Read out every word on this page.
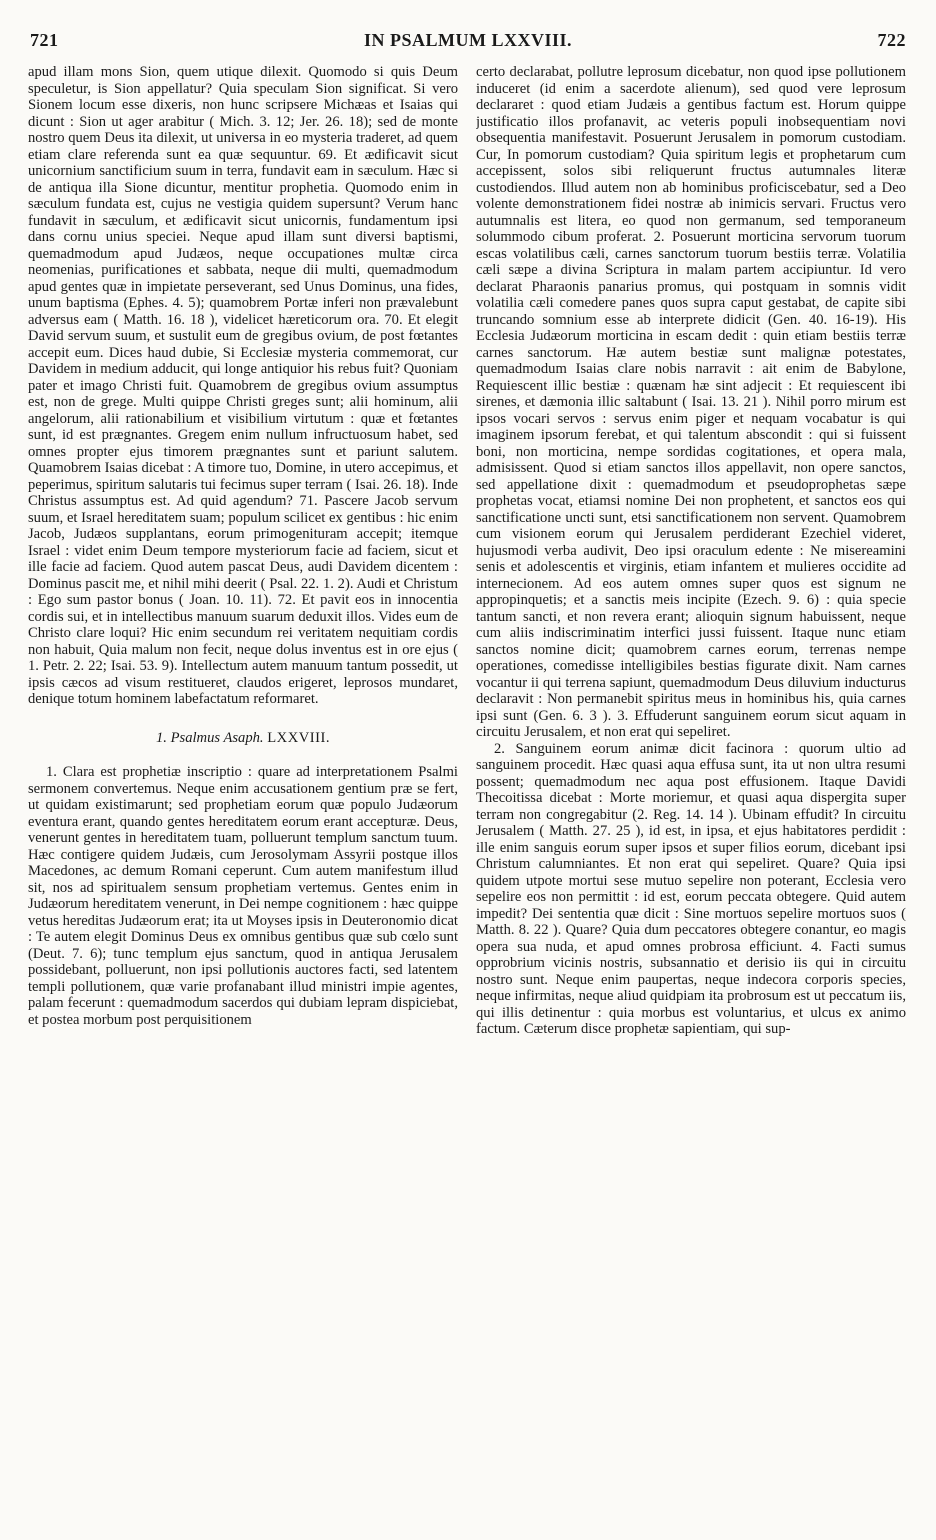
721	IN PSALMUM LXXVIII.	722

apud illam mons Sion, quem utique dilexit. Quomodo si quis Deum speculetur, is Sion appellatur? Quia speculam Sion significat. Si vero Sionem locum esse dixeris, non hunc scripsere Michæas et Isaias qui dicunt : Sion ut ager arabitur ( Mich. 3. 12; Jer. 26. 18); sed de monte nostro quem Deus ita dilexit, ut universa in eo mysteria traderet, ad quem etiam clare referenda sunt ea quæ sequuntur. 69. Et ædificavit sicut unicornium sanctificium suum in terra, fundavit eam in sæculum. Hæc si de antiqua illa Sione dicuntur, mentitur prophetia. Quomodo enim in sæculum fundata est, cujus ne vestigia quidem supersunt? Verum hanc fundavit in sæculum, et ædificavit sicut unicornis, fundamentum ipsi dans cornu unius speciei. Neque apud illam sunt diversi baptismi, quemadmodum apud Judæos, neque occupationes multæ circa neomenias, purificationes et sabbata, neque dii multi, quemadmodum apud gentes quæ in impietate perseverant, sed Unus Dominus, una fides, unum baptisma (Ephes. 4. 5); quamobrem Portæ inferi non prævalebunt adversus eam ( Matth. 16. 18 ), videlicet hæreticorum ora. 70. Et elegit David servum suum, et sustulit eum de gregibus ovium, de post fœtantes accepit eum. Dices haud dubie, Si Ecclesiæ mysteria commemorat, cur Davidem in medium adducit, qui longe antiquior his rebus fuit? Quoniam pater et imago Christi fuit. Quamobrem de gregibus ovium assumptus est, non de grege. Multi quippe Christi greges sunt; alii hominum, alii angelorum, alii rationabilium et visibilium virtutum : quæ et fœtantes sunt, id est prægnantes. Gregem enim nullum infructuosum habet, sed omnes propter ejus timorem prægnantes sunt et pariunt salutem. Quamobrem Isaias dicebat : A timore tuo, Domine, in utero accepimus, et peperimus, spiritum salutaris tui fecimus super terram ( Isai. 26. 18). Inde Christus assumptus est. Ad quid agendum? 71. Pascere Jacob servum suum, et Israel hereditatem suam; populum scilicet ex gentibus : hic enim Jacob, Judæos supplantans, eorum primogenituram accepit; itemque Israel : videt enim Deum tempore mysteriorum facie ad faciem, sicut et ille facie ad faciem. Quod autem pascat Deus, audi Davidem dicentem : Dominus pascit me, et nihil mihi deerit ( Psal. 22. 1. 2). Audi et Christum : Ego sum pastor bonus ( Joan. 10. 11). 72. Et pavit eos in innocentia cordis sui, et in intellectibus manuum suarum deduxit illos. Vides eum de Christo clare loqui? Hic enim secundum rei veritatem nequitiam cordis non habuit, Quia malum non fecit, neque dolus inventus est in ore ejus ( 1. Petr. 2. 22; Isai. 53. 9). Intellectum autem manuum tantum possedit, ut ipsis cæcos ad visum restitueret, claudos erigeret, leprosos mundaret, denique totum hominem labefactatum reformaret.

1. Psalmus Asaph. LXXVIII.

1. Clara est prophetiæ inscriptio : quare ad interpretationem Psalmi sermonem convertemus. Neque enim accusationem gentium præ se fert, ut quidam existimarunt; sed prophetiam eorum quæ populo Judæorum eventura erant, quando gentes hereditatem eorum erant accepturæ. Deus, venerunt gentes in hereditatem tuam, polluerunt templum sanctum tuum. Hæc contigere quidem Judæis, cum Jerosolymam Assyrii postque illos Macedones, ac demum Romani ceperunt. Cum autem manifestum illud sit, nos ad spiritualem sensum prophetiam vertemus. Gentes enim in Judæorum hereditatem venerunt, in Dei nempe cognitionem : hæc quippe vetus hereditas Judæorum erat; ita ut Moyses ipsis in Deuteronomio dicat : Te autem elegit Dominus Deus ex omnibus gentibus quæ sub cœlo sunt (Deut. 7. 6); tunc templum ejus sanctum, quod in antiqua Jerusalem possidebant, polluerunt, non ipsi pollutionis auctores facti, sed latentem templi pollutionem, quæ varie profanabant illud ministri impie agentes, palam fecerunt : quemadmodum sacerdos qui dubiam lepram dispiciebat, et postea morbum post perquisitionem

certo declarabat, pollutre leprosum dicebatur, non quod ipse pollutionem induceret (id enim a sacerdote alienum), sed quod vere leprosum declararet : quod etiam Judæis a gentibus factum est. Horum quippe justificatio illos profanavit, ac veteris populi inobsequentiam novi obsequentia manifestavit. Posuerunt Jerusalem in pomorum custodiam. Cur, In pomorum custodiam? Quia spiritum legis et prophetarum cum accepissent, solos sibi reliquerunt fructus autumnales literæ custodiendos. Illud autem non ab hominibus proficiscebatur, sed a Deo volente demonstrationem fidei nostræ ab inimicis servari. Fructus vero autumnalis est litera, eo quod non germanum, sed temporaneum solummodo cibum proferat. 2. Posuerunt morticina servorum tuorum escas volatilibus cæli, carnes sanctorum tuorum bestiis terræ. Volatilia cæli sæpe a divina Scriptura in malam partem accipiuntur. Id vero declarat Pharaonis panarius promus, qui postquam in somnis vidit volatilia cæli comedere panes quos supra caput gestabat, de capite sibi truncando somnium esse ab interprete didicit (Gen. 40. 16-19). His Ecclesia Judæorum morticina in escam dedit : quin etiam bestiis terræ carnes sanctorum. Hæ autem bestiæ sunt malignæ potestates, quemadmodum Isaias clare nobis narravit : ait enim de Babylone, Requiescent illic bestiæ : quænam hæ sint adjecit : Et requiescent ibi sirenes, et dæmonia illic saltabunt ( Isai. 13. 21 ). Nihil porro mirum est ipsos vocari servos : servus enim piger et nequam vocabatur is qui imaginem ipsorum ferebat, et qui talentum abscondit : qui si fuissent boni, non morticina, nempe sordidas cogitationes, et opera mala, admisissent. Quod si etiam sanctos illos appellavit, non opere sanctos, sed appellatione dixit : quemadmodum et pseudoprophetas sæpe prophetas vocat, etiamsi nomine Dei non prophetent, et sanctos eos qui sanctificatione uncti sunt, etsi sanctificationem non servent. Quamobrem cum visionem eorum qui Jerusalem perdiderant Ezechiel videret, hujusmodi verba audivit, Deo ipsi oraculum edente : Ne misereamini senis et adolescentis et virginis, etiam infantem et mulieres occidite ad internecionem. Ad eos autem omnes super quos est signum ne appropinquetis; et a sanctis meis incipite (Ezech. 9. 6) : quia specie tantum sancti, et non revera erant; alioquin signum habuissent, neque cum aliis indiscriminatim interfici jussi fuissent. Itaque nunc etiam sanctos nomine dicit; quamobrem carnes eorum, terrenas nempe operationes, comedisse intelligibiles bestias figurate dixit. Nam carnes vocantur ii qui terrena sapiunt, quemadmodum Deus diluvium inducturus declaravit : Non permanebit spiritus meus in hominibus his, quia carnes ipsi sunt (Gen. 6. 3 ). 3. Effuderunt sanguinem eorum sicut aquam in circuitu Jerusalem, et non erat qui sepeliret.

2. Sanguinem eorum animæ dicit facinora : quorum ultio ad sanguinem procedit. Hæc quasi aqua effusa sunt, ita ut non ultra resumi possent; quemadmodum nec aqua post effusionem. Itaque Davidi Thecoitissa dicebat : Morte moriemur, et quasi aqua dispergita super terram non congregabitur (2. Reg. 14. 14 ). Ubinam effudit? In circuitu Jerusalem ( Matth. 27. 25 ), id est, in ipsa, et ejus habitatores perdidit : ille enim sanguis eorum super ipsos et super filios eorum, dicebant ipsi Christum calumniantes. Et non erat qui sepeliret. Quare? Quia ipsi quidem utpote mortui sese mutuo sepelire non poterant, Ecclesia vero sepelire eos non permittit : id est, eorum peccata obtegere. Quid autem impedit? Dei sententia quæ dicit : Sine mortuos sepelire mortuos suos ( Matth. 8. 22 ). Quare? Quia dum peccatores obtegere conantur, eo magis opera sua nuda, et apud omnes probrosa efficiunt. 4. Facti sumus opprobrium vicinis nostris, subsannatio et derisio iis qui in circuitu nostro sunt. Neque enim paupertas, neque indecora corporis species, neque infirmitas, neque aliud quidpiam ita probrosum est ut peccatum iis, qui illis detinentur : quia morbus est voluntarius, et ulcus ex animo factum. Cæterum disce prophetæ sapientiam, qui sup-
